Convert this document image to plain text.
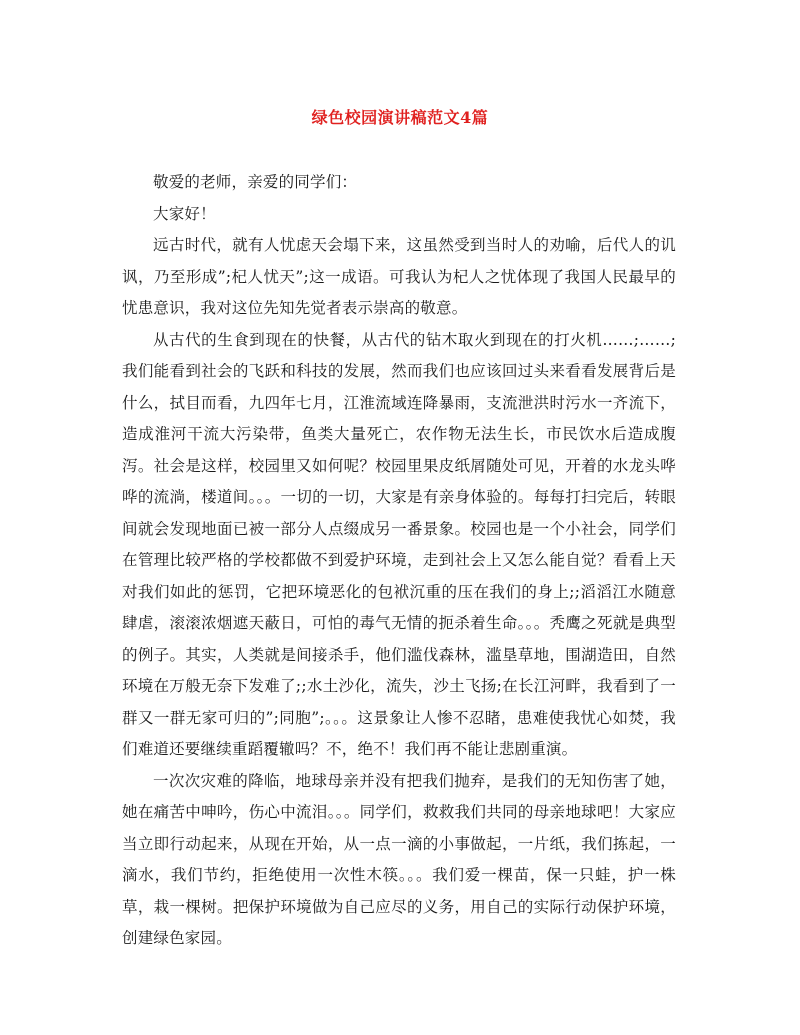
绿色校园演讲稿范文4篇

敬爱的老师，亲爱的同学们：

大家好！

远古时代，就有人忧虑天会塌下来，这虽然受到当时人的劝喻，后代人的讥讽，乃至形成”;杞人忧天”;这一成语。可我认为杞人之忧体现了我国人民最早的忧患意识，我对这位先知先觉者表示崇高的敬意。

从古代的生食到现在的快餐，从古代的钻木取火到现在的打火机……;……;我们能看到社会的飞跃和科技的发展，然而我们也应该回过头来看看发展背后是什么，拭目而看，九四年七月，江淮流域连降暴雨，支流泄洪时污水一齐流下，造成淮河干流大污染带，鱼类大量死亡，农作物无法生长，市民饮水后造成腹泻。社会是这样，校园里又如何呢？校园里果皮纸屑随处可见，开着的水龙头哗哗的流淌，楼道间。。。一切的一切，大家是有亲身体验的。每每打扫完后，转眼间就会发现地面已被一部分人点缀成另一番景象。校园也是一个小社会，同学们在管理比较严格的学校都做不到爱护环境，走到社会上又怎么能自觉？看看上天对我们如此的惩罚，它把环境恶化的包袱沉重的压在我们的身上;;滔滔江水随意肆虐，滚滚浓烟遮天蔽日，可怕的毒气无情的扼杀着生命。。。秃鹰之死就是典型的例子。其实，人类就是间接杀手，他们滥伐森林，滥垦草地，围湖造田，自然环境在万般无奈下发难了;;水土沙化，流失，沙土飞扬;在长江河畔，我看到了一群又一群无家可归的”;同胞”;。。。这景象让人惨不忍睹，患难使我忧心如焚，我们难道还要继续重蹈覆辙吗？不，绝不！我们再不能让悲剧重演。

一次次灾难的降临，地球母亲并没有把我们抛弃，是我们的无知伤害了她，她在痛苦中呻吟，伤心中流泪。。。同学们，救救我们共同的母亲地球吧！大家应当立即行动起来，从现在开始，从一点一滴的小事做起，一片纸，我们拣起，一滴水，我们节约，拒绝使用一次性木筷。。。我们爱一棵苗，保一只蛙，护一株草，栽一棵树。把保护环境做为自己应尽的义务，用自己的实际行动保护环境，创建绿色家园。
